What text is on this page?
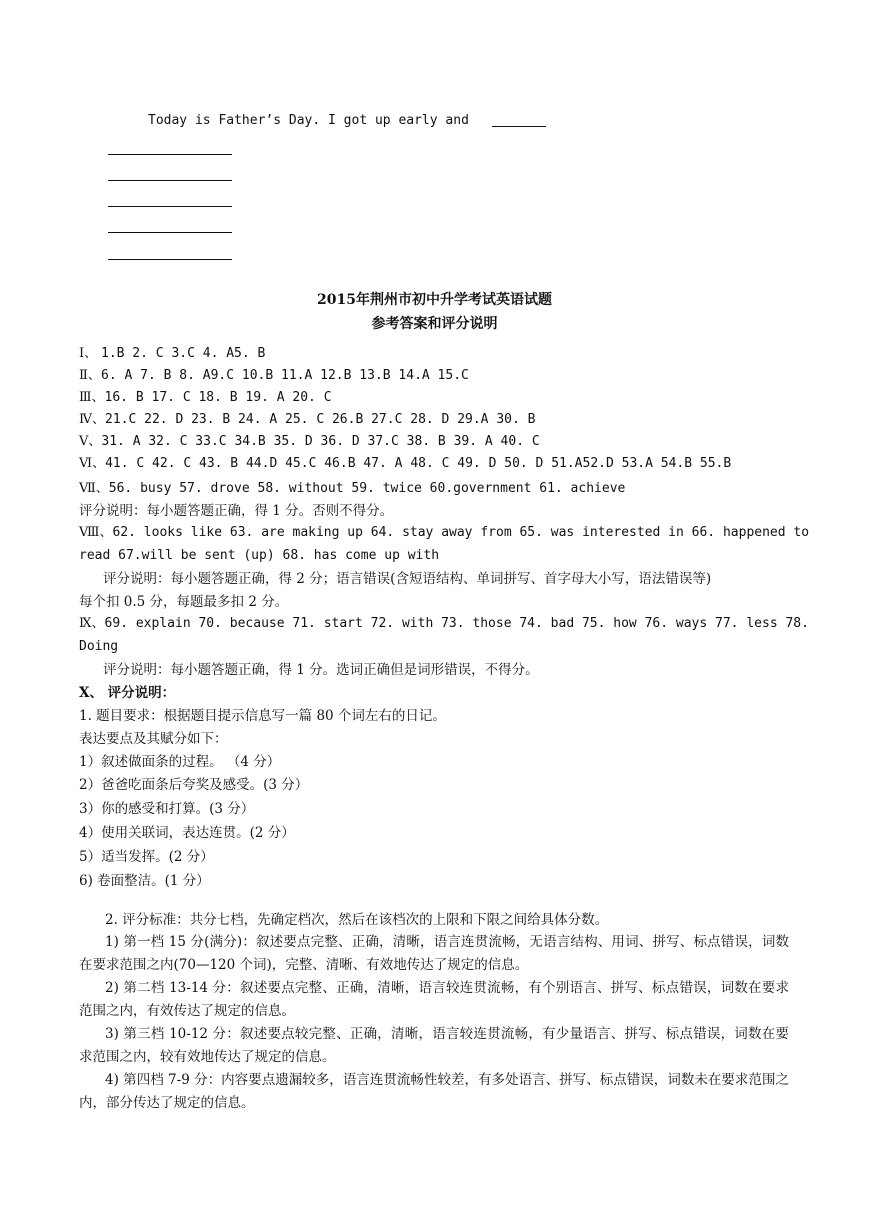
Today is Father’s Day. I got up early and
2015年荆州市初中升学考试英语试题
参考答案和评分说明
Ⅰ、 1.B 2. C 3.C 4. A5. B
Ⅱ、6. A 7. B 8. A9.C 10.B 11.A 12.B 13.B 14.A 15.C
Ⅲ、16. B 17. C 18. B 19. A 20. C
Ⅳ、21.C 22. D 23. B 24. A 25. C 26.B 27.C 28. D 29.A 30. B
Ⅴ、31. A 32. C 33.C 34.B 35. D 36. D 37.C 38. B 39. A 40. C
Ⅵ、41. C 42. C 43. B 44.D 45.C 46.B 47. A 48. C 49. D 50. D 51.A52.D 53.A 54.B 55.B
Ⅶ、56. busy 57. drove 58. without 59. twice 60.government 61. achieve
评分说明：每小题答题正确，得 1 分。否则不得分。
Ⅷ、62. looks like 63. are making up 64. stay away from 65. was interested in 66. happened to
read 67.will be sent (up) 68. has come up with
评分说明：每小题答题正确，得 2 分；语言错误(含短语结构、单词拼写、首字母大小写，语法错误等)
每个扣 0.5 分，每题最多扣 2 分。
Ⅸ、69. explain 70. because 71. start 72. with 73. those 74. bad 75. how 76. ways 77. less 78.
Doing
评分说明：每小题答题正确，得 1 分。选词正确但是词形错误，不得分。
Ⅹ、 评分说明：
1. 题目要求：根据题目提示信息写一篇 80 个词左右的日记。
表达要点及其赋分如下：
1）叙述做面条的过程。 （4 分）
2）爸爸吃面条后夸奖及感受。(3 分）
3）你的感受和打算。(3 分）
4）使用关联词，表达连贯。(2 分）
5）适当发挥。(2 分）
6) 卷面整洁。(1 分）
2. 评分标准：共分七档，先确定档次，然后在该档次的上限和下限之间给具体分数。
1) 第一档 15 分(满分)：叙述要点完整、正确，清晰，语言连贯流畅，无语言结构、用词、拼写、标点错误，词数在要求范围之内(70—120 个词)，完整、清晰、有效地传达了规定的信息。
2) 第二档 13-14 分：叙述要点完整、正确，清晰，语言较连贯流畅，有个别语言、拼写、标点错误，词数在要求范围之内，有效传达了规定的信息。
3) 第三档 10-12 分：叙述要点较完整、正确，清晰，语言较连贯流畅，有少量语言、拼写、标点错误，词数在要求范围之内，较有效地传达了规定的信息。
4) 第四档 7-9 分：内容要点遗漏较多，语言连贯流畅性较差，有多处语言、拼写、标点错误，词数未在要求范围之内，部分传达了规定的信息。
